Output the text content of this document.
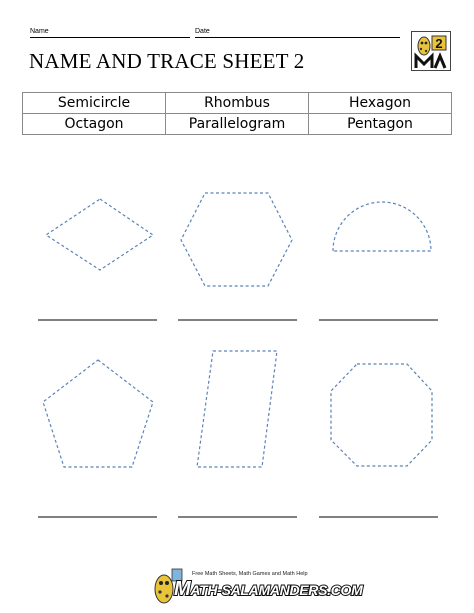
Name	Date
2
NAME AND TRACE SHEET 2
Semicircle	Rhombus	Hexagon
Octagon	Parallelogram	Pentagon
Free Math Sheets, Math Games and Math Help
MATH-SALAMANDERS.COM
